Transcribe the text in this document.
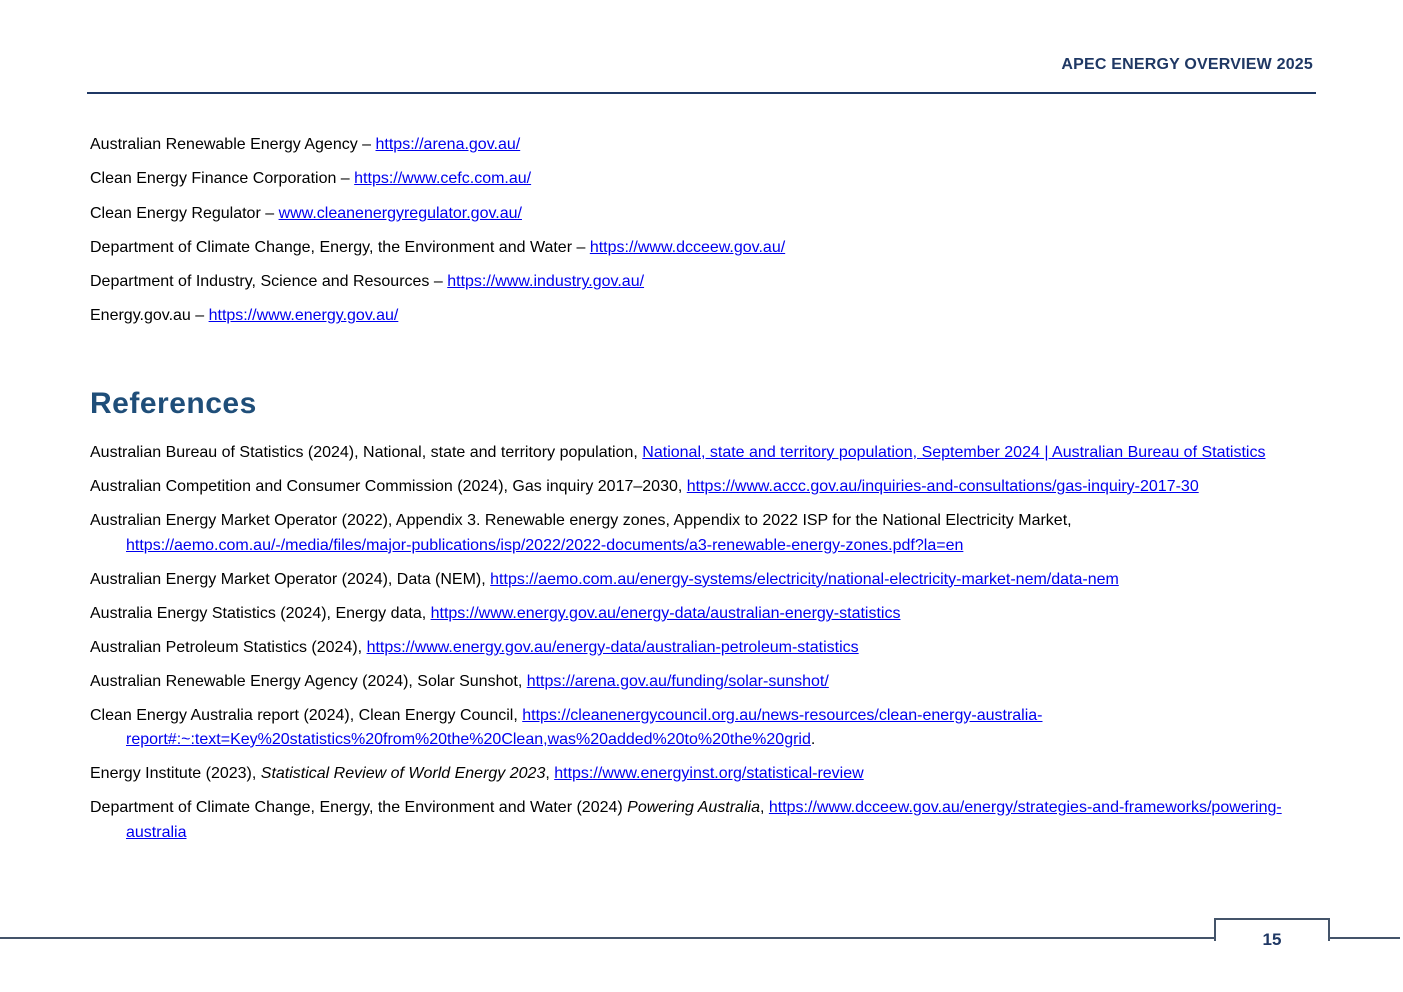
APEC ENERGY OVERVIEW 2025
Australian Renewable Energy Agency – https://arena.gov.au/
Clean Energy Finance Corporation – https://www.cefc.com.au/
Clean Energy Regulator – www.cleanenergyregulator.gov.au/
Department of Climate Change, Energy, the Environment and Water – https://www.dcceew.gov.au/
Department of Industry, Science and Resources – https://www.industry.gov.au/
Energy.gov.au – https://www.energy.gov.au/
References
Australian Bureau of Statistics (2024), National, state and territory population, National, state and territory population, September 2024 | Australian Bureau of Statistics
Australian Competition and Consumer Commission (2024), Gas inquiry 2017–2030, https://www.accc.gov.au/inquiries-and-consultations/gas-inquiry-2017-30
Australian Energy Market Operator (2022), Appendix 3. Renewable energy zones, Appendix to 2022 ISP for the National Electricity Market, https://aemo.com.au/-/media/files/major-publications/isp/2022/2022-documents/a3-renewable-energy-zones.pdf?la=en
Australian Energy Market Operator (2024), Data (NEM), https://aemo.com.au/energy-systems/electricity/national-electricity-market-nem/data-nem
Australia Energy Statistics (2024), Energy data, https://www.energy.gov.au/energy-data/australian-energy-statistics
Australian Petroleum Statistics (2024), https://www.energy.gov.au/energy-data/australian-petroleum-statistics
Australian Renewable Energy Agency (2024), Solar Sunshot, https://arena.gov.au/funding/solar-sunshot/
Clean Energy Australia report (2024), Clean Energy Council, https://cleanenergycouncil.org.au/news-resources/clean-energy-australia-report#:~:text=Key%20statistics%20from%20the%20Clean,was%20added%20to%20the%20grid.
Energy Institute (2023), Statistical Review of World Energy 2023, https://www.energyinst.org/statistical-review
Department of Climate Change, Energy, the Environment and Water (2024) Powering Australia, https://www.dcceew.gov.au/energy/strategies-and-frameworks/powering-australia
15
